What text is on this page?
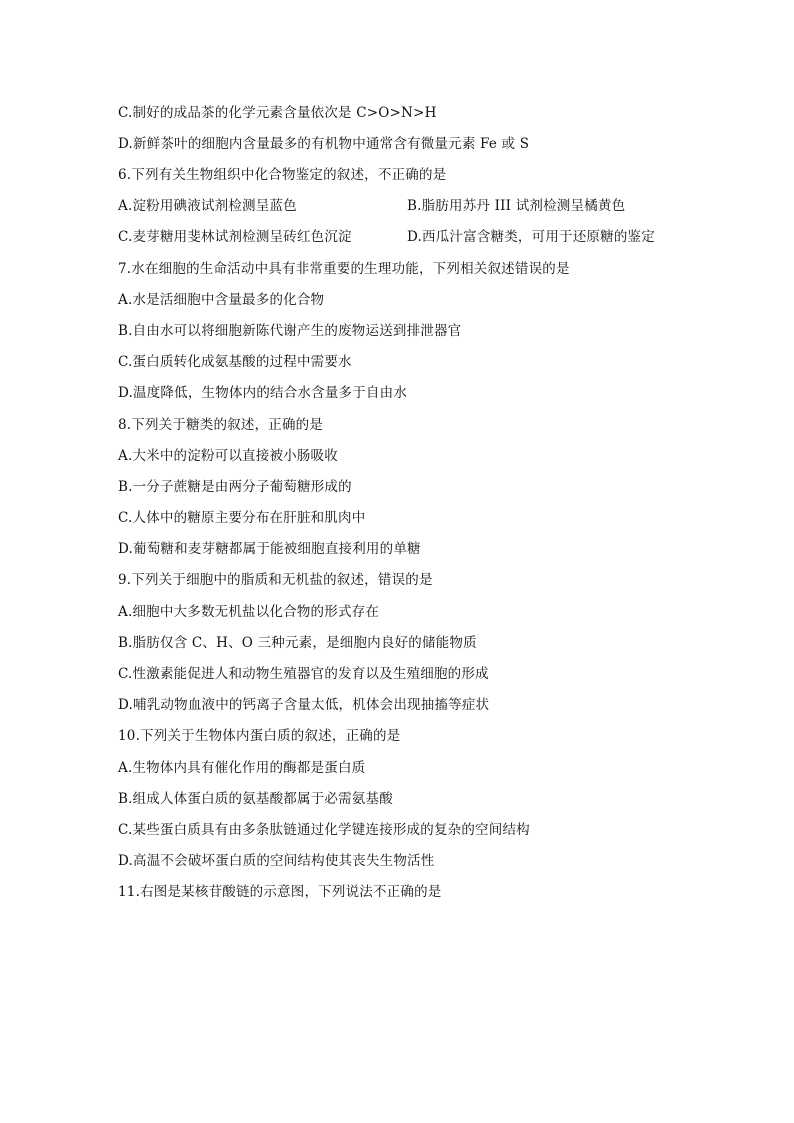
C.制好的成品茶的化学元素含量依次是 C>O>N>H
D.新鲜茶叶的细胞内含量最多的有机物中通常含有微量元素 Fe 或 S
6.下列有关生物组织中化合物鉴定的叙述，不正确的是
A.淀粉用碘液试剂检测呈蓝色	B.脂肪用苏丹 III 试剂检测呈橘黄色
C.麦芽糖用斐林试剂检测呈砖红色沉淀	D.西瓜汁富含糖类，可用于还原糖的鉴定
7.水在细胞的生命活动中具有非常重要的生理功能，下列相关叙述错误的是
A.水是活细胞中含量最多的化合物
B.自由水可以将细胞新陈代谢产生的废物运送到排泄器官
C.蛋白质转化成氨基酸的过程中需要水
D.温度降低，生物体内的结合水含量多于自由水
8.下列关于糖类的叙述，正确的是
A.大米中的淀粉可以直接被小肠吸收
B.一分子蔗糖是由两分子葡萄糖形成的
C.人体中的糖原主要分布在肝脏和肌肉中
D.葡萄糖和麦芽糖都属于能被细胞直接利用的单糖
9.下列关于细胞中的脂质和无机盐的叙述，错误的是
A.细胞中大多数无机盐以化合物的形式存在
B.脂肪仅含 C、H、O 三种元素，是细胞内良好的储能物质
C.性激素能促进人和动物生殖器官的发育以及生殖细胞的形成
D.哺乳动物血液中的钙离子含量太低，机体会出现抽搐等症状
10.下列关于生物体内蛋白质的叙述，正确的是
A.生物体内具有催化作用的酶都是蛋白质
B.组成人体蛋白质的氨基酸都属于必需氨基酸
C.某些蛋白质具有由多条肽链通过化学键连接形成的复杂的空间结构
D.高温不会破坏蛋白质的空间结构使其丧失生物活性
11.右图是某核苷酸链的示意图，下列说法不正确的是
